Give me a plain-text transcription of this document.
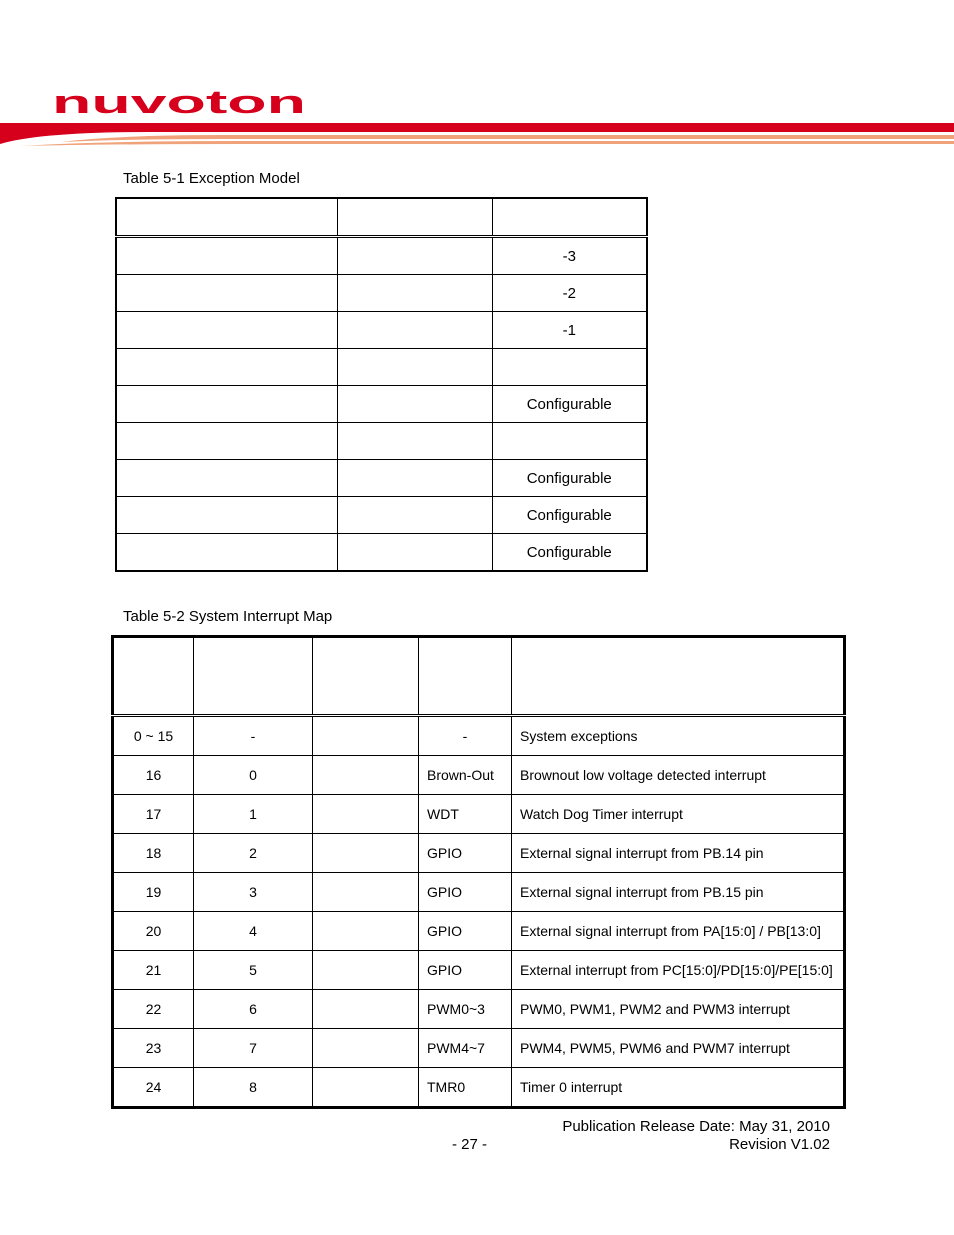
nuvoton
Table 5-1 Exception Model

		-3
		-2
		-1

		Configurable

		Configurable
		Configurable
		Configurable
Table 5-2 System Interrupt Map

0 ~ 15	-		-	System exceptions
16	0		Brown-Out	Brownout low voltage detected interrupt
17	1		WDT	Watch Dog Timer interrupt
18	2		GPIO	External signal interrupt from PB.14 pin
19	3		GPIO	External signal interrupt from PB.15 pin
20	4		GPIO	External signal interrupt from PA[15:0] / PB[13:0]
21	5		GPIO	External interrupt from PC[15:0]/PD[15:0]/PE[15:0]
22	6		PWM0~3	PWM0, PWM1, PWM2 and PWM3 interrupt
23	7		PWM4~7	PWM4, PWM5, PWM6 and PWM7 interrupt
24	8		TMR0	Timer 0 interrupt
Publication Release Date: May 31, 2010
- 27 -	Revision V1.02
